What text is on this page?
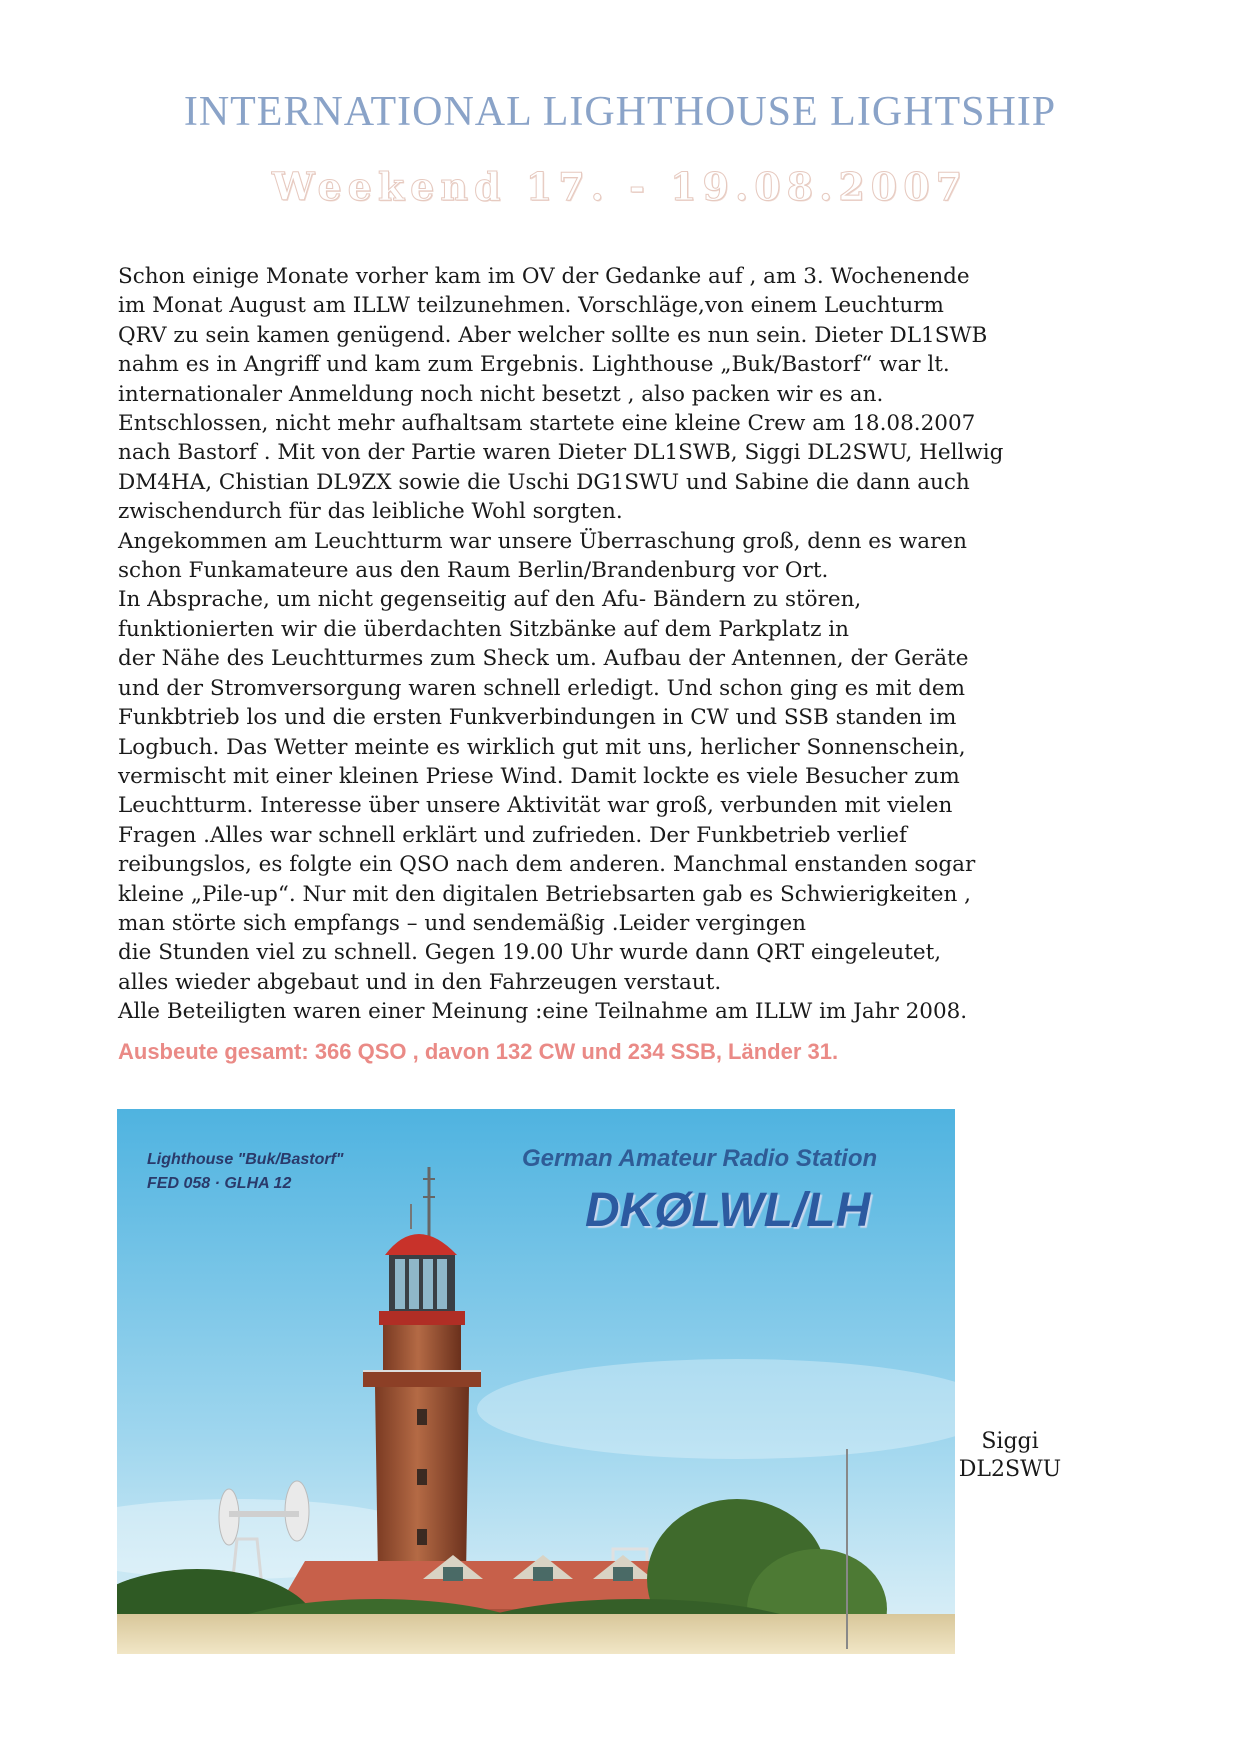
INTERNATIONAL LIGHTHOUSE LIGHTSHIP
Weekend 17. - 19.08.2007
Schon einige Monate vorher kam im OV der Gedanke auf , am 3. Wochenende
im Monat August am ILLW teilzunehmen. Vorschläge,von einem Leuchturm
QRV zu sein kamen genügend. Aber welcher sollte es nun sein. Dieter DL1SWB
nahm es in Angriff und kam zum Ergebnis. Lighthouse „Buk/Bastorf“ war lt.
internationaler Anmeldung noch nicht besetzt , also packen wir es an.
Entschlossen, nicht mehr aufhaltsam startete eine kleine Crew am 18.08.2007
nach Bastorf . Mit von der Partie waren Dieter DL1SWB, Siggi DL2SWU, Hellwig
DM4HA, Chistian DL9ZX sowie die Uschi DG1SWU und Sabine die dann auch
zwischendurch für das leibliche Wohl sorgten.
Angekommen am Leuchtturm war unsere Überraschung groß, denn es waren
schon Funkamateure aus den Raum Berlin/Brandenburg vor Ort.
In Absprache, um nicht gegenseitig auf den Afu- Bändern zu stören,
funktionierten wir die überdachten Sitzbänke auf dem Parkplatz in
der Nähe des Leuchtturmes zum Sheck um. Aufbau der Antennen, der Geräte
und der Stromversorgung waren schnell erledigt. Und schon ging es mit dem
Funkbtrieb los und die ersten Funkverbindungen in CW und SSB standen im
Logbuch. Das Wetter meinte es wirklich gut mit uns, herlicher Sonnenschein,
vermischt mit einer kleinen Priese Wind. Damit lockte es viele Besucher zum
Leuchtturm. Interesse über unsere Aktivität war groß, verbunden mit vielen
Fragen .Alles war schnell erklärt und zufrieden. Der Funkbetrieb verlief
reibungslos, es folgte ein QSO nach dem anderen. Manchmal enstanden sogar
kleine „Pile-up“. Nur mit den digitalen Betriebsarten gab es Schwierigkeiten ,
man störte sich empfangs – und sendemäßig .Leider vergingen
die Stunden viel zu schnell. Gegen 19.00 Uhr wurde dann QRT eingeleutet,
alles wieder abgebaut und in den Fahrzeugen verstaut.
Alle Beteiligten waren einer Meinung :eine Teilnahme am ILLW im Jahr 2008.
Ausbeute gesamt: 366 QSO , davon 132 CW und 234 SSB, Länder 31.
Lighthouse "Buk/Bastorf"
FED 058 · GLHA 12
German Amateur Radio Station
DKØLWL/LH
Siggi
DL2SWU
